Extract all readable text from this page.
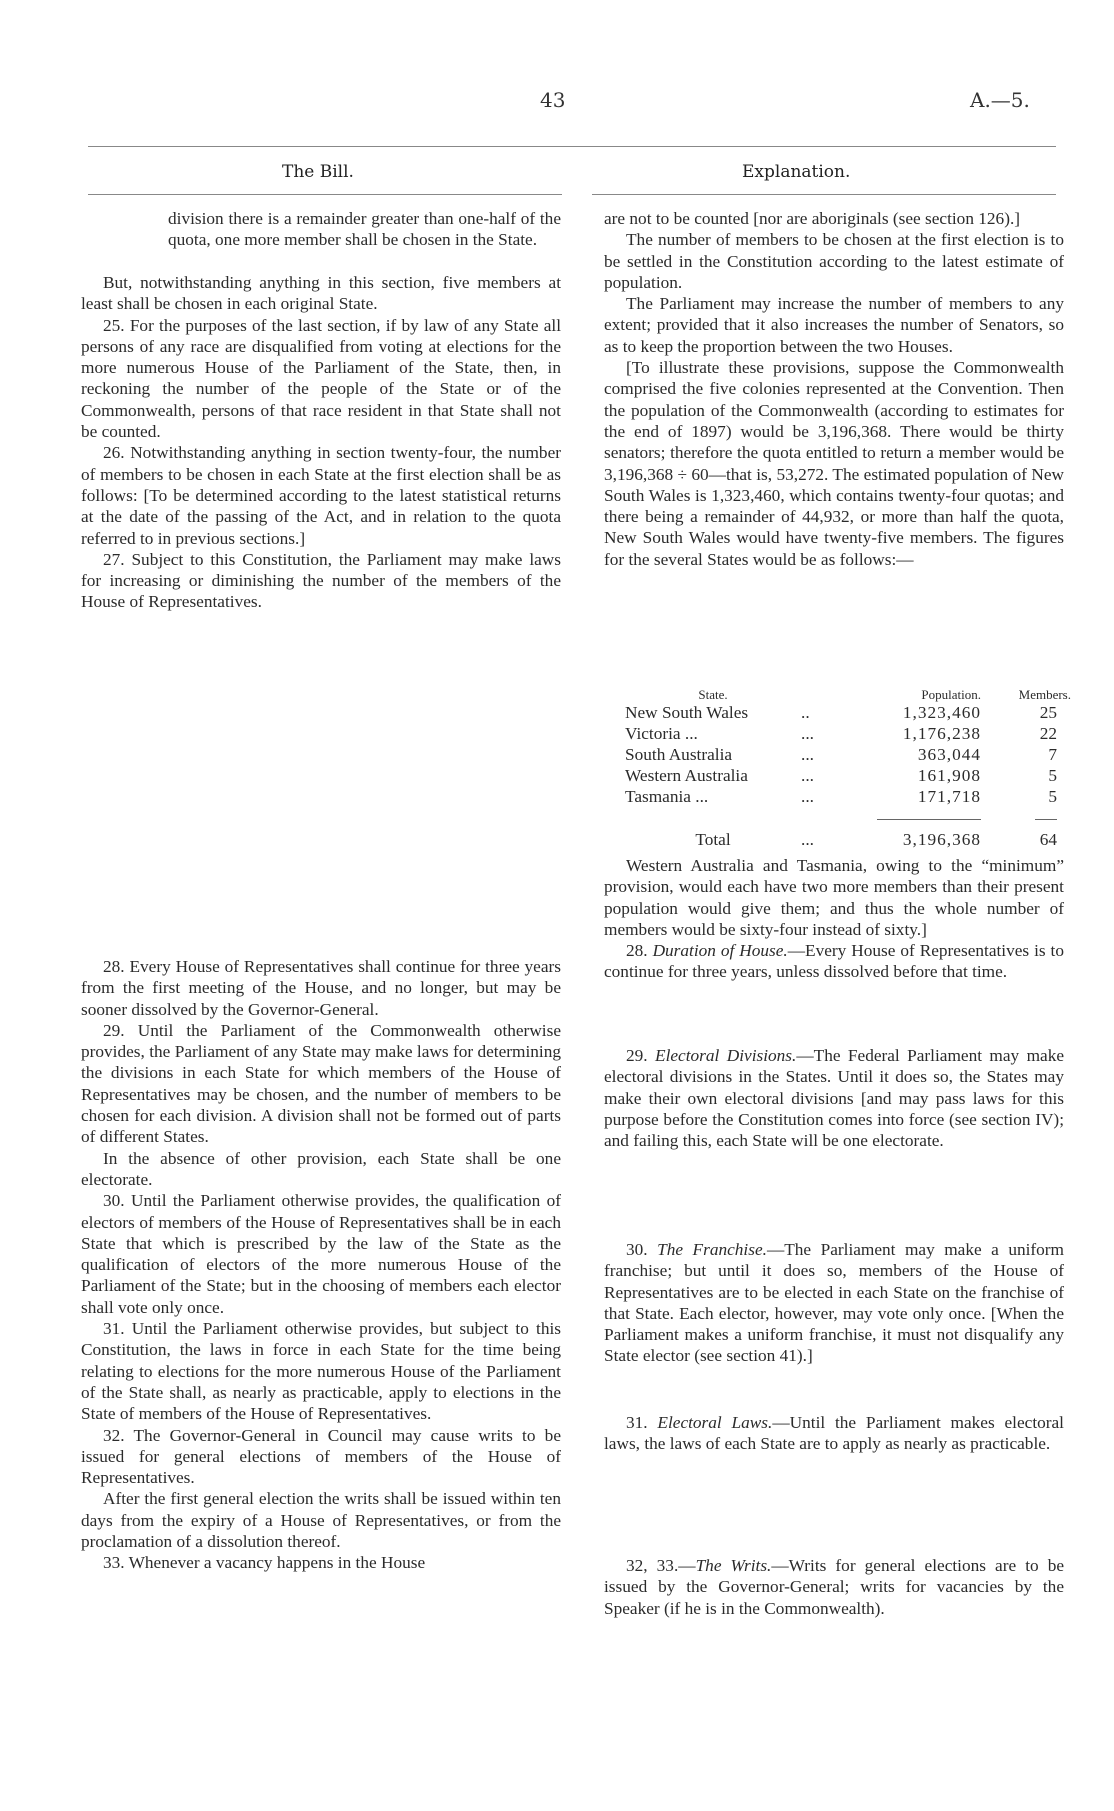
43	A.—5.
The Bill.	Explanation.

division there is a remainder greater than one-half of the quota, one more member shall be chosen in the State.

But, notwithstanding anything in this section, five members at least shall be chosen in each original State.

25. For the purposes of the last section, if by law of any State all persons of any race are disqualified from voting at elections for the more numerous House of the Parliament of the State, then, in reckoning the number of the people of the State or of the Commonwealth, persons of that race resident in that State shall not be counted.

26. Notwithstanding anything in section twenty-four, the number of members to be chosen in each State at the first election shall be as follows: [To be determined according to the latest statistical returns at the date of the passing of the Act, and in relation to the quota referred to in previous sections.]

27. Subject to this Constitution, the Parliament may make laws for increasing or diminishing the number of the members of the House of Representatives.

28. Every House of Representatives shall continue for three years from the first meeting of the House, and no longer, but may be sooner dissolved by the Governor-General.

29. Until the Parliament of the Commonwealth otherwise provides, the Parliament of any State may make laws for determining the divisions in each State for which members of the House of Representatives may be chosen, and the number of members to be chosen for each division. A division shall not be formed out of parts of different States.

In the absence of other provision, each State shall be one electorate.

30. Until the Parliament otherwise provides, the qualification of electors of members of the House of Representatives shall be in each State that which is prescribed by the law of the State as the qualification of electors of the more numerous House of the Parliament of the State; but in the choosing of members each elector shall vote only once.

31. Until the Parliament otherwise provides, but subject to this Constitution, the laws in force in each State for the time being relating to elections for the more numerous House of the Parliament of the State shall, as nearly as practicable, apply to elections in the State of members of the House of Representatives.

32. The Governor-General in Council may cause writs to be issued for general elections of members of the House of Representatives.

After the first general election the writs shall be issued within ten days from the expiry of a House of Representatives, or from the proclamation of a dissolution thereof.

33. Whenever a vacancy happens in the House

are not to be counted [nor are aboriginals (see section 126).]

The number of members to be chosen at the first election is to be settled in the Constitution according to the latest estimate of population.

The Parliament may increase the number of members to any extent; provided that it also increases the number of Senators, so as to keep the proportion between the two Houses.

[To illustrate these provisions, suppose the Commonwealth comprised the five colonies represented at the Convention. Then the population of the Commonwealth (according to estimates for the end of 1897) would be 3,196,368. There would be thirty senators; therefore the quota entitled to return a member would be 3,196,368 ÷ 60—that is, 53,272. The estimated population of New South Wales is 1,323,460, which contains twenty-four quotas; and there being a remainder of 44,932, or more than half the quota, New South Wales would have twenty-five members. The figures for the several States would be as follows:—

State.		Population.	Members.
New South Wales	..	1,323,460	25
Victoria ...	...	1,176,238	22
South Australia	...	363,044	7
Western Australia	...	161,908	5
Tasmania ...	...	171,718	5

Total	...	3,196,368	64

Western Australia and Tasmania, owing to the “minimum” provision, would each have two more members than their present population would give them; and thus the whole number of members would be sixty-four instead of sixty.]

28. Duration of House.—Every House of Representatives is to continue for three years, unless dissolved before that time.

29. Electoral Divisions.—The Federal Parliament may make electoral divisions in the States. Until it does so, the States may make their own electoral divisions [and may pass laws for this purpose before the Constitution comes into force (see section IV); and failing this, each State will be one electorate.

30. The Franchise.—The Parliament may make a uniform franchise; but until it does so, members of the House of Representatives are to be elected in each State on the franchise of that State. Each elector, however, may vote only once. [When the Parliament makes a uniform franchise, it must not disqualify any State elector (see section 41).]

31. Electoral Laws.—Until the Parliament makes electoral laws, the laws of each State are to apply as nearly as practicable.

32, 33.—The Writs.—Writs for general elections are to be issued by the Governor-General; writs for vacancies by the Speaker (if he is in the Commonwealth).
